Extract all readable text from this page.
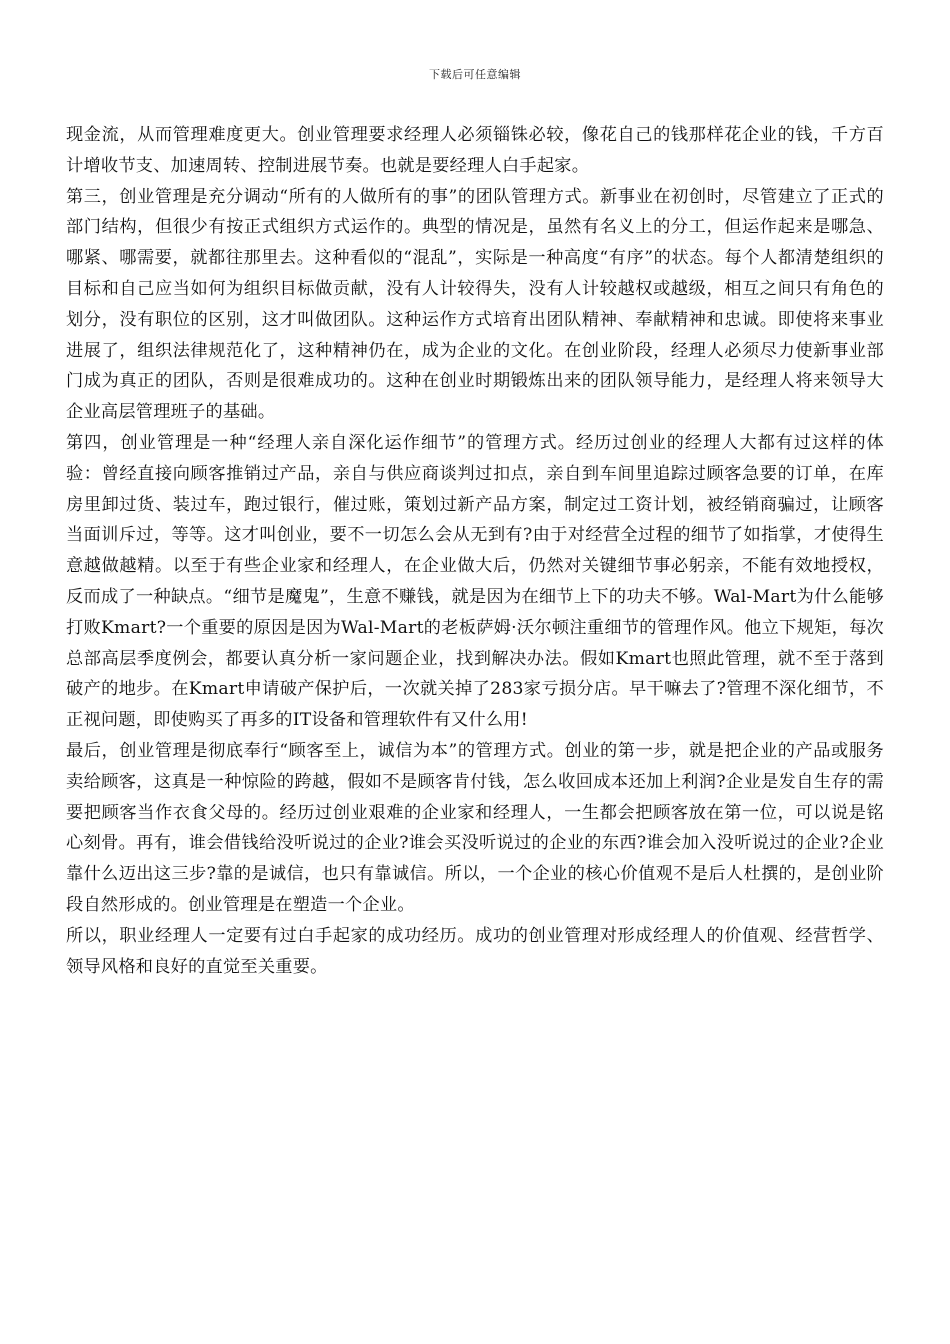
下载后可任意编辑

现金流，从而管理难度更大。创业管理要求经理人必须锱铢必较，像花自己的钱那样花企业的钱，千方百计增收节支、加速周转、控制进展节奏。也就是要经理人白手起家。

第三，创业管理是充分调动“所有的人做所有的事”的团队管理方式。新事业在初创时，尽管建立了正式的部门结构，但很少有按正式组织方式运作的。典型的情况是，虽然有名义上的分工，但运作起来是哪急、哪紧、哪需要，就都往那里去。这种看似的“混乱”，实际是一种高度“有序”的状态。每个人都清楚组织的目标和自己应当如何为组织目标做贡献，没有人计较得失，没有人计较越权或越级，相互之间只有角色的划分，没有职位的区别，这才叫做团队。这种运作方式培育出团队精神、奉献精神和忠诚。即使将来事业进展了，组织法律规范化了，这种精神仍在，成为企业的文化。在创业阶段，经理人必须尽力使新事业部门成为真正的团队，否则是很难成功的。这种在创业时期锻炼出来的团队领导能力，是经理人将来领导大企业高层管理班子的基础。

第四，创业管理是一种“经理人亲自深化运作细节”的管理方式。经历过创业的经理人大都有过这样的体验：曾经直接向顾客推销过产品，亲自与供应商谈判过扣点，亲自到车间里追踪过顾客急要的订单，在库房里卸过货、装过车，跑过银行，催过账，策划过新产品方案，制定过工资计划，被经销商骗过，让顾客当面训斥过，等等。这才叫创业，要不一切怎么会从无到有?由于对经营全过程的细节了如指掌，才使得生意越做越精。以至于有些企业家和经理人，在企业做大后，仍然对关键细节事必躬亲，不能有效地授权，反而成了一种缺点。“细节是魔鬼”，生意不赚钱，就是因为在细节上下的功夫不够。Wal-Mart为什么能够打败Kmart?一个重要的原因是因为Wal-Mart的老板萨姆·沃尔顿注重细节的管理作风。他立下规矩，每次总部高层季度例会，都要认真分析一家问题企业，找到解决办法。假如Kmart也照此管理，就不至于落到破产的地步。在Kmart申请破产保护后，一次就关掉了283家亏损分店。早干嘛去了?管理不深化细节，不正视问题，即使购买了再多的IT设备和管理软件有又什么用!

最后，创业管理是彻底奉行“顾客至上，诚信为本”的管理方式。创业的第一步，就是把企业的产品或服务卖给顾客，这真是一种惊险的跨越，假如不是顾客肯付钱，怎么收回成本还加上利润?企业是发自生存的需要把顾客当作衣食父母的。经历过创业艰难的企业家和经理人，一生都会把顾客放在第一位，可以说是铭心刻骨。再有，谁会借钱给没听说过的企业?谁会买没听说过的企业的东西?谁会加入没听说过的企业?企业靠什么迈出这三步?靠的是诚信，也只有靠诚信。所以，一个企业的核心价值观不是后人杜撰的，是创业阶段自然形成的。创业管理是在塑造一个企业。

所以，职业经理人一定要有过白手起家的成功经历。成功的创业管理对形成经理人的价值观、经营哲学、领导风格和良好的直觉至关重要。
